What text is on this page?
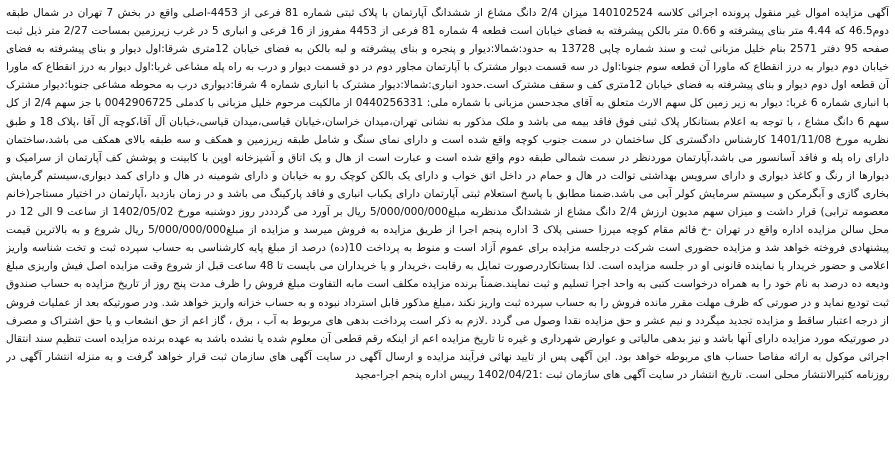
آگهی مزایده اموال غیر منقول پرونده اجرائی کلاسه 140102524 میزان 2/4 دانگ مشاع از ششدانگ آپارتمان با پلاک ثبتی شماره 81 فرعی از 4453-اصلی واقع در بخش 7 تهران در شمال طبقه دوم46.5 که 4.44 متر بنای پیشرفته و 0.66 متر بالکن پیشرفته به فضای خیابان است قطعه 4 شماره 81 فرعی از 4453 مفروز از 16 فرعی و انباری 5 در غرب زیرزمین بمساحت 2/27 متر ذیل ثبت صفحه 95 دفتر 2571 بنام خلیل مزبانی ثبت و سند شماره چاپی 13728 به حدود:شمالا:دیوار و پنجره و بنای پیشرفته و لبه بالکن به فضای خیابان 12متری شرقا:اول دیوار و بنای پیشرفته به فضای خیابان دوم دیوار به درز انقطاع که ماورا آن قطعه سوم جنوبا:اول در سه قسمت دیوار مشترک با آپارتمان مجاور دوم در دو قسمت دیوار و درب به راه پله مشاعی غربا:اول دیوار به درز انقطاع که ماورا آن قطعه اول دوم دیوار و بنای پیشرفته به فضای خیابان 12متری کف و سقف مشترک است.حدود انباری:شمالا:دیوار مشترک با انباری شماره 4 شرقا:دیواری درب به محوطه مشاعی جنوبا:دیوار مشترک با انباری شماره 6 غربا: دیوار به زیر زمین کل سهم الارث متعلق به آقای مجدحسن مزبانی با شماره ملی: 0440256331 از مالکیت مرحوم خلیل مزبانی با کدملی 0042906725 با جز سهم 2/4 از کل سهم 6 دانگ مشاع ، با توجه به اعلام بستانکار پلاک ثبتی فوق فاقد بیمه می باشد و ملک مذکور به نشانی تهران،میدان خراسان،خیابان قیاسی،میدان قیاسی،خیابان آل آقا،کوچه آل آقا ،پلاک 18 و طبق نظریه مورخ 1401/11/08 کارشناس دادگستری کل ساختمان در سمت جنوب کوچه واقع شده است و دارای نمای سنگ و شامل طبقه زیرزمین و همکف و سه طبقه بالای همکف می باشد،ساختمان دارای راه پله و فاقد آسانسور می باشد،آپارتمان موردنظر در سمت شمالی طبقه دوم واقع شده است و عبارت است از هال و یک اتاق و آشپزخانه اوپن با کابینت و پوشش کف آپارتمان از سرامیک و دیوارها از رنگ و کاغذ دیواری و دارای سرویس بهداشتی توالت در هال و حمام در داخل اتق خواب و دارای یک بالکن کوچک رو به خیابان و دارای شومینه در هال و دارای کمد دیواری،سیستم گرمایش بخاری گازی و آبگرمکن و سیستم سرمایش کولر آبی می باشد.ضمنا مطابق با پاسخ استعلام ثبتی آپارتمان دارای یکباب انباری و فاقد پارکینگ می باشد و در زمان بازدید ،آپارتمان در اختیار مستاجر(خانم معصومه ترابی) قرار داشت و میزان سهم مدیون ارزش 2/4 دانگ مشاع از ششدانگ مدنظربه مبلغ5/000/000/000 ریال بر آورد می گردددر روز دوشنبه مورخ 1402/05/02 از ساعت 9 الی 12 در محل سالن مزایده اداره واقع در تهران -خ قائم مقام کوچه میرزا حسنی پلاک 3 اداره پنجم اجرا از طریق مزایده به فروش میرسد و مزایده از مبلغ5/000/000/000 ریال شروع و به بالاترین قیمت پیشنهادی فروخته خواهد شد و مزایده حضوری است شرکت درجلسه مزایده برای عموم آزاد است و منوط به پرداخت 10(ده) درصد از مبلغ پایه کارشناسی به حساب سپرده ثبت و تخت شناسه واریز اعلامی و حضور خریدار یا نماینده قانونی او در جلسه مزایده است. لذا بستانکاردرصورت تمایل به رقابت ،خریدار و یا خریداران می بایست تا 48 ساعت قبل از شروع وقت مزایده اصل فیش واریزی مبلغ ودیعه ده درصد به نام خود را به همراه درخواست کتبی به واحد اجرا تسلیم و ثبت نمایند.ضمناً برنده مزایده مکلف است مابه التفاوت مبلغ فروش را ظرف مدت پنج روز از تاریخ مزایده به حساب صندوق ثبت تودیع نماید و در صورتی که ظرف مهلت مقرر مانده فروش را به حساب سپرده ثبت واریز نکند ،مبلغ مذکور قابل استرداد نبوده و به حساب خزانه واریز خواهد شد. ودر صورتیکه بعد از عملیات فروش از درجه اعتبار ساقط و مزایده تجدید میگردد و نیم عشر و حق مزایده نقدا وصول می گردد .لازم به ذکر است پرداخت بدهی های مربوط به آب ، برق ، گاز اعم از حق انشعاب و یا حق اشتراک و مصرف در صورتیکه مورد مزایده دارای آنها باشد و نیز بدهی مالیاتی و عوارض شهرداری و غیره تا تاریخ مزایده اعم از اینکه رقم قطعی آن معلوم شده یا نشده باشد به عهده برنده مزایده است تنظیم سند انتقال اجرائی موکول به ارائه مفاصا حساب های مربوطه خواهد بود. این آگهی پس از تایید نهائی فرآیند مزایده و ارسال آگهی در سایت آگهی های سازمان ثبت قرار خواهد گرفت و به منزله انتشار آگهی در روزنامه کثیرالانتشار محلی است. تاریخ انتشار در سایت آگهی های سازمان ثبت :1402/04/21 رییس اداره پنجم اجرا-مجید
